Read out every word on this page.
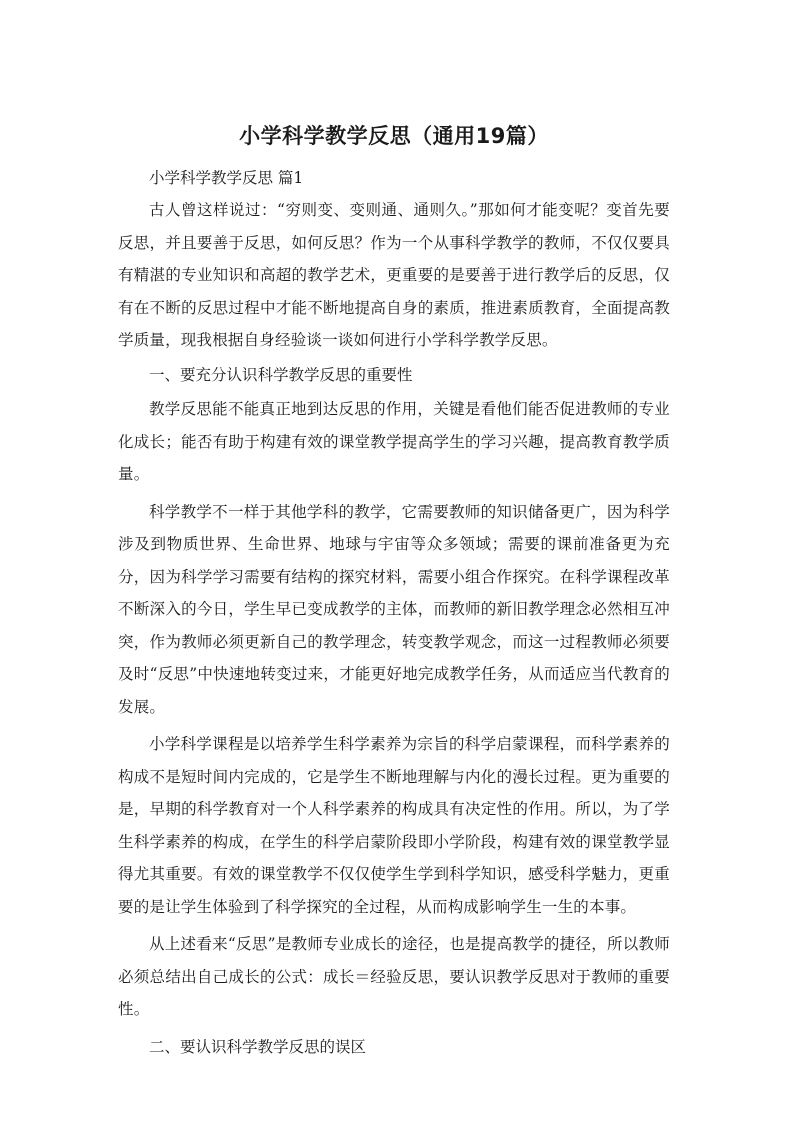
小学科学教学反思（通用19篇）

小学科学教学反思 篇1

古人曾这样说过：“穷则变、变则通、通则久。”那如何才能变呢？变首先要反思，并且要善于反思，如何反思？作为一个从事科学教学的教师，不仅仅要具有精湛的专业知识和高超的教学艺术，更重要的是要善于进行教学后的反思，仅有在不断的反思过程中才能不断地提高自身的素质，推进素质教育，全面提高教学质量，现我根据自身经验谈一谈如何进行小学科学教学反思。

一、要充分认识科学教学反思的重要性

教学反思能不能真正地到达反思的作用，关键是看他们能否促进教师的专业化成长；能否有助于构建有效的课堂教学提高学生的学习兴趣，提高教育教学质量。

科学教学不一样于其他学科的教学，它需要教师的知识储备更广，因为科学涉及到物质世界、生命世界、地球与宇宙等众多领域；需要的课前准备更为充分，因为科学学习需要有结构的探究材料，需要小组合作探究。在科学课程改革不断深入的今日，学生早已变成教学的主体，而教师的新旧教学理念必然相互冲突，作为教师必须更新自己的教学理念，转变教学观念，而这一过程教师必须要及时“反思”中快速地转变过来，才能更好地完成教学任务，从而适应当代教育的发展。

小学科学课程是以培养学生科学素养为宗旨的科学启蒙课程，而科学素养的构成不是短时间内完成的，它是学生不断地理解与内化的漫长过程。更为重要的是，早期的科学教育对一个人科学素养的构成具有决定性的作用。所以，为了学生科学素养的构成，在学生的科学启蒙阶段即小学阶段，构建有效的课堂教学显得尤其重要。有效的课堂教学不仅仅使学生学到科学知识，感受科学魅力，更重要的是让学生体验到了科学探究的全过程，从而构成影响学生一生的本事。

从上述看来“反思”是教师专业成长的途径，也是提高教学的捷径，所以教师必须总结出自己成长的公式：成长＝经验反思，要认识教学反思对于教师的重要性。

二、要认识科学教学反思的误区
